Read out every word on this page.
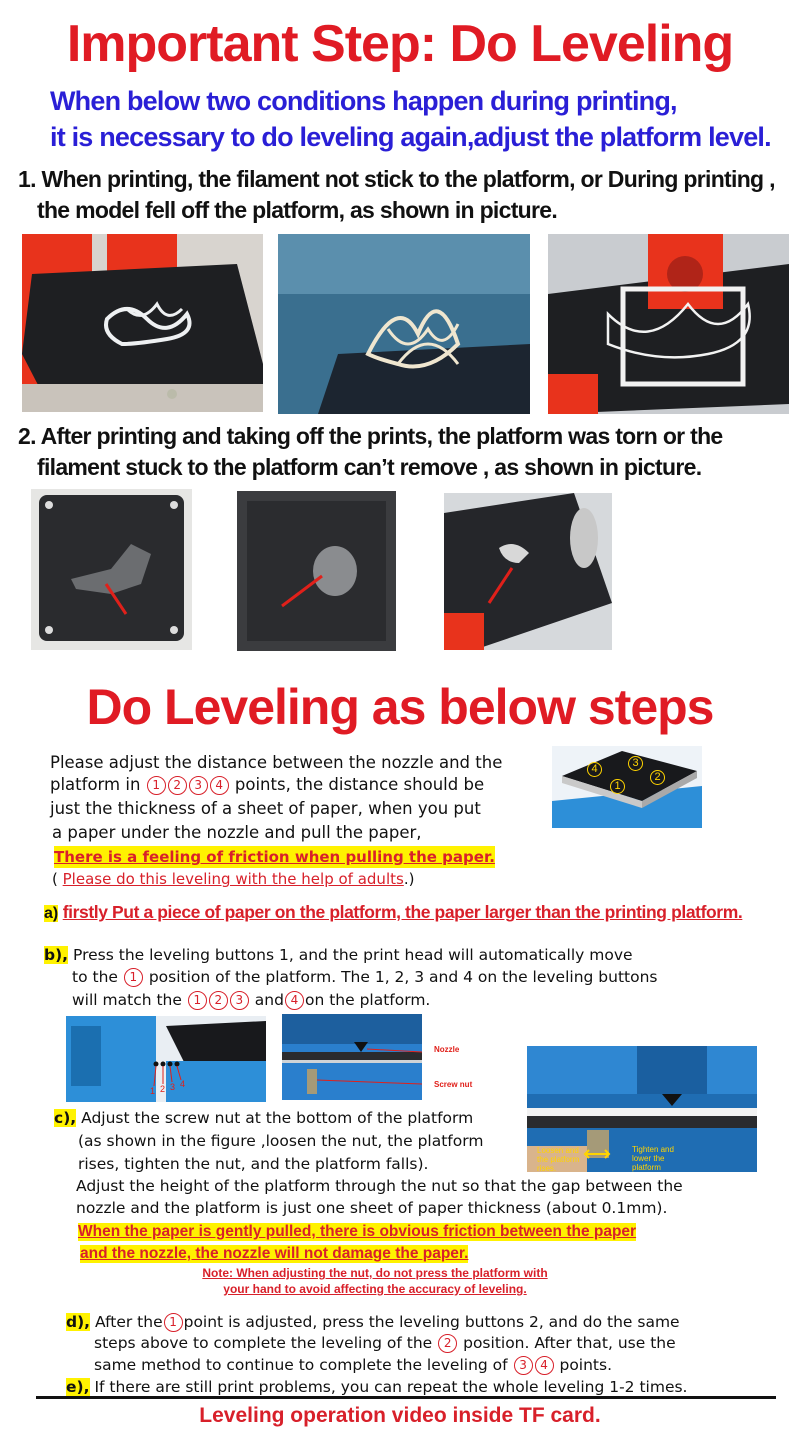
Important Step: Do Leveling
When below two conditions happen during printing,
it is necessary to do leveling again,adjust the platform level.
1. When printing, the filament not stick to the platform, or During printing ,
the model fell off the platform, as shown in picture.
2. After printing and taking off the prints, the platform was torn or the
filament stuck to the platform can’t remove , as shown in picture.
Do Leveling as below steps
Please adjust the distance between the nozzle and the
platform in 1 2 3 4 points, the distance should be
just the thickness of a sheet of paper, when you put
a paper under the nozzle and pull the paper,
There is a feeling of friction when pulling the paper.
( Please do this leveling with the help of adults.)
4	3
1
2
a) firstly Put a piece of paper on the platform, the paper larger than the printing platform.
b), Press the leveling buttons 1, and the print head will automatically move
to the 1 position of the platform. The 1, 2, 3 and 4 on the leveling buttons
will match the 1 2 3 and 4 on the platform.
1 2 3 4
Nozzle
Screw nut
Loosen and the platform rises.
Tighten and lower the platform
c), Adjust the screw nut at the bottom of the platform
(as shown in the figure ,loosen the nut, the platform
rises, tighten the nut, and the platform falls).
Adjust the height of the platform through the nut so that the gap between the
nozzle and the platform is just one sheet of paper thickness (about 0.1mm).
When the paper is gently pulled, there is obvious friction between the paper
and the nozzle, the nozzle will not damage the paper.
Note: When adjusting the nut, do not press the platform with
your hand to avoid affecting the accuracy of leveling.
d), After the 1 point is adjusted, press the leveling buttons 2, and do the same
steps above to complete the leveling of the 2 position. After that, use the
same method to continue to complete the leveling of 3 4 points.
e), If there are still print problems, you can repeat the whole leveling 1-2 times.
Leveling operation video inside TF card.
